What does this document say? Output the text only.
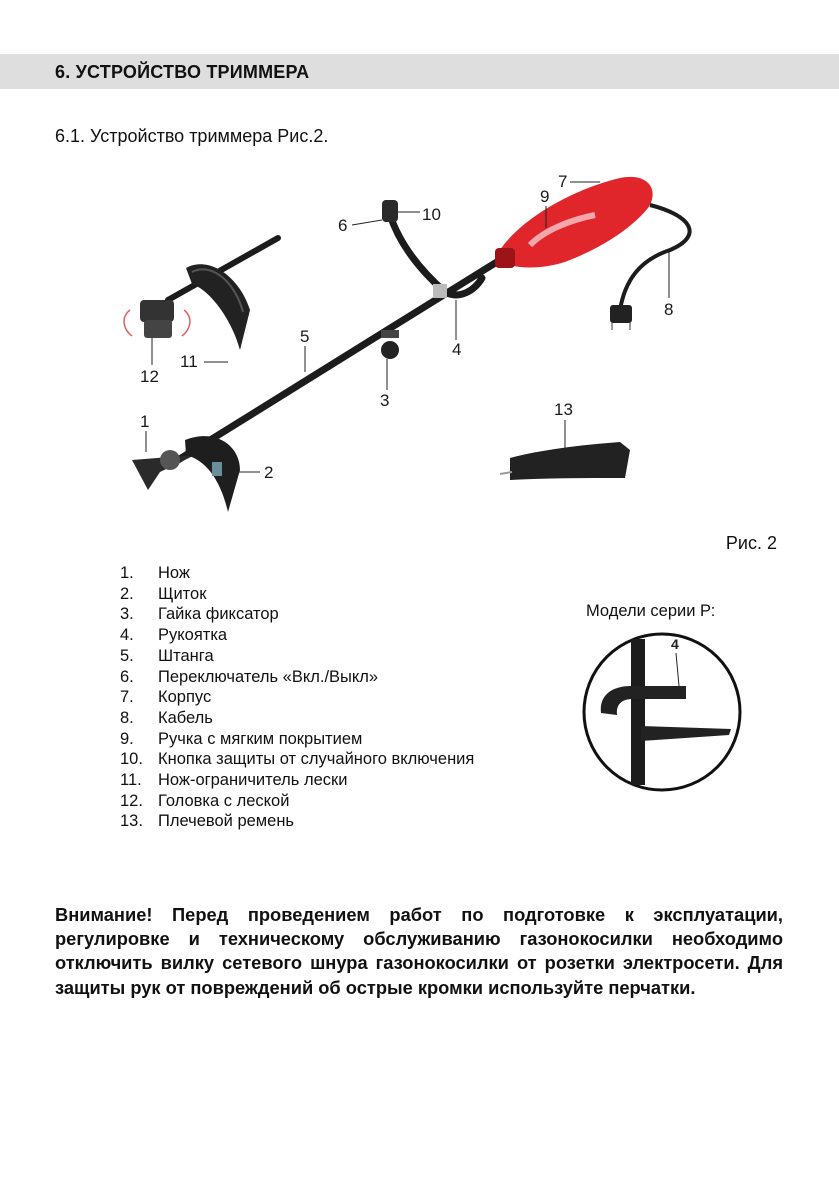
6. УСТРОЙСТВО ТРИММЕРА
6.1. Устройство триммера Рис.2.
1
2
3
4
5
6
7
8
9
10
11
12
13
Рис. 2
1.	Нож
2.	Щиток
3.	Гайка фиксатор
4.	Рукоятка
5.	Штанга
6.	Переключатель «Вкл./Выкл»
7.	Корпус
8.	Кабель
9.	Ручка с мягким покрытием
10. Кнопка защиты от случайного включения
11. Нож-ограничитель лески
12. Головка с леской
13. Плечевой ремень
Модели серии Р:
4
Внимание! Перед проведением работ по подготовке к эксплуатации, регулировке и техническому обслуживанию газонокосилки необходимо отключить вилку сетевого шнура газонокосилки от розетки электросети. Для защиты рук от повреждений об острые кромки используйте перчатки.
